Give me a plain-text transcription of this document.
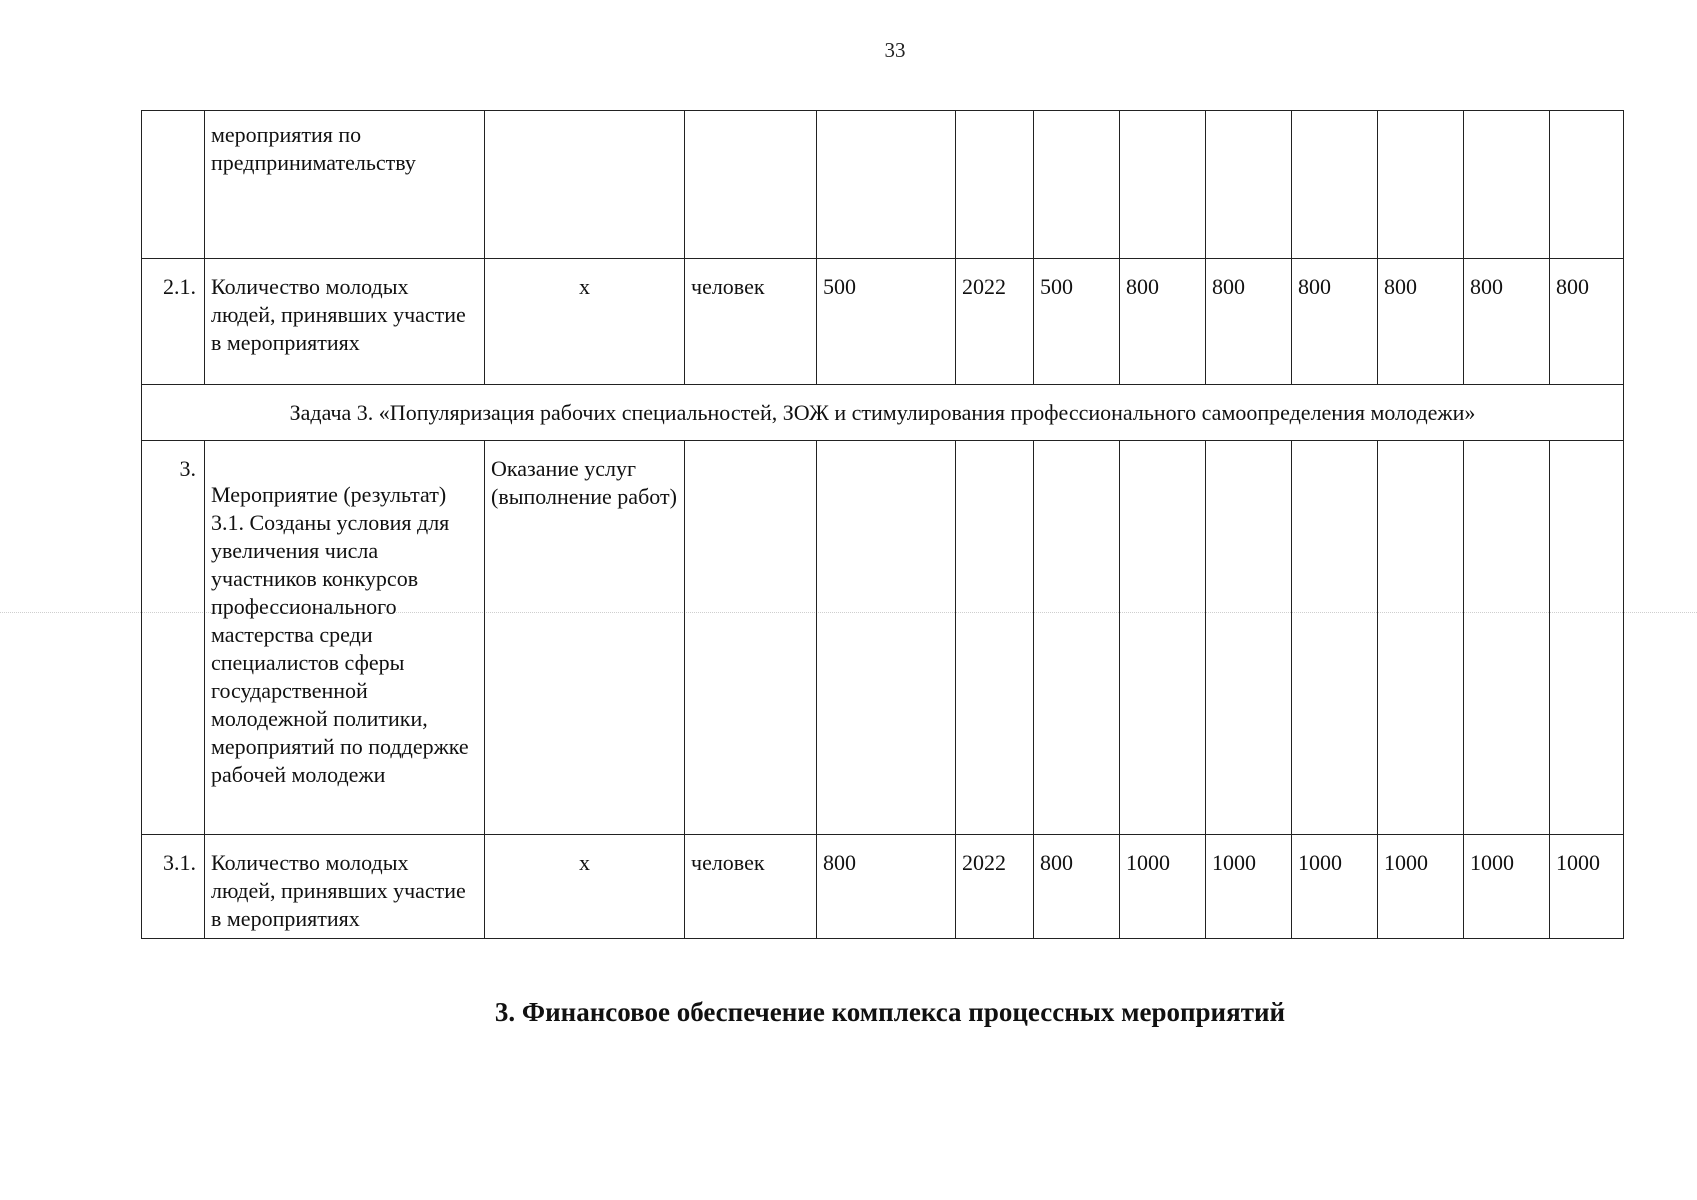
33
	мероприятия по предпринимательству											
2.1.	Количество молодых людей, принявших участие в мероприятиях	х	человек	500	2022	500	800	800	800	800	800	800
Задача 3. «Популяризация рабочих специальностей, ЗОЖ и стимулирования профессионального самоопределения молодежи»												
3.	Мероприятие (результат) 3.1. Созданы условия для увеличения числа участников конкурсов профессионального мастерства среди специалистов сферы государственной молодежной политики, мероприятий по поддержке рабочей молодежи	Оказание услуг (выполнение работ)										
3.1.	Количество молодых людей, принявших участие в мероприятиях	х	человек	800	2022	800	1000	1000	1000	1000	1000	1000
3. Финансовое обеспечение комплекса процессных мероприятий
